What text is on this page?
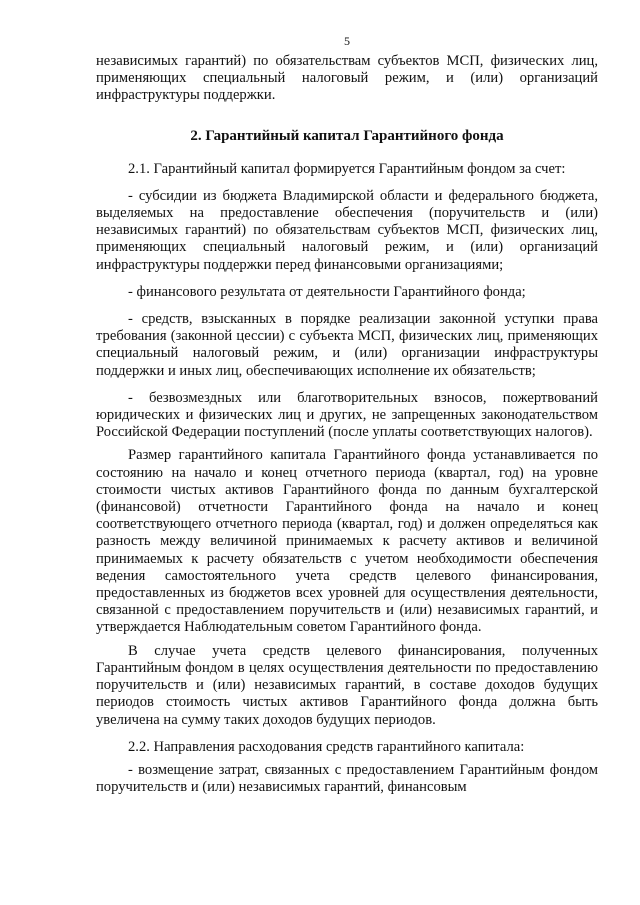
5

независимых гарантий) по обязательствам субъектов МСП, физических лиц, применяющих специальный налоговый режим, и (или) организаций инфраструктуры поддержки.

2. Гарантийный капитал Гарантийного фонда

2.1. Гарантийный капитал формируется Гарантийным фондом за счет:

- субсидии из бюджета Владимирской области и федерального бюджета, выделяемых на предоставление обеспечения (поручительств и (или) независимых гарантий) по обязательствам субъектов МСП, физических лиц, применяющих специальный налоговый режим, и (или) организаций инфраструктуры поддержки перед финансовыми организациями;

- финансового результата от деятельности Гарантийного фонда;

- средств, взысканных в порядке реализации законной уступки права требования (законной цессии) с субъекта МСП, физических лиц, применяющих специальный налоговый режим, и (или) организации инфраструктуры поддержки и иных лиц, обеспечивающих исполнение их обязательств;

- безвозмездных или благотворительных взносов, пожертвований юридических и физических лиц и других, не запрещенных законодательством Российской Федерации поступлений (после уплаты соответствующих налогов).

Размер гарантийного капитала Гарантийного фонда устанавливается по состоянию на начало и конец отчетного периода (квартал, год) на уровне стоимости чистых активов Гарантийного фонда по данным бухгалтерской (финансовой) отчетности Гарантийного фонда на начало и конец соответствующего отчетного периода (квартал, год) и должен определяться как разность между величиной принимаемых к расчету активов и величиной принимаемых к расчету обязательств с учетом необходимости обеспечения ведения самостоятельного учета средств целевого финансирования, предоставленных из бюджетов всех уровней для осуществления деятельности, связанной с предоставлением поручительств и (или) независимых гарантий, и утверждается Наблюдательным советом Гарантийного фонда.

В случае учета средств целевого финансирования, полученных Гарантийным фондом в целях осуществления деятельности по предоставлению поручительств и (или) независимых гарантий, в составе доходов будущих периодов стоимость чистых активов Гарантийного фонда должна быть увеличена на сумму таких доходов будущих периодов.

2.2. Направления расходования средств гарантийного капитала:

- возмещение затрат, связанных с предоставлением Гарантийным фондом поручительств и (или) независимых гарантий, финансовым
